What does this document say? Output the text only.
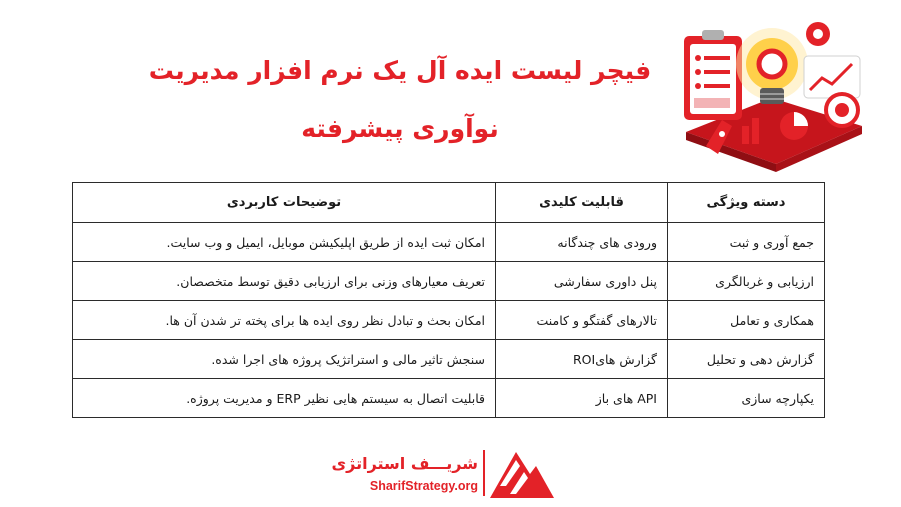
فیچر لیست ایده آل یک نرم افزار مدیریت
نوآوری پیشرفته
دسته ویژگی	قابلیت کلیدی	توضیحات کاربردی
جمع آوری و ثبت	ورودی های چندگانه	امکان ثبت ایده از طریق اپلیکیشن موبایل، ایمیل و وب سایت.
ارزیابی و غربالگری	پنل داوری سفارشی	تعریف معیارهای وزنی برای ارزیابی دقیق توسط متخصصان.
همکاری و تعامل	تالارهای گفتگو و کامنت	امکان بحث و تبادل نظر روی ایده ها برای پخته تر شدن آن ها.
گزارش دهی و تحلیل	گزارش هایROI	سنجش تاثیر مالی و استراتژیک پروژه های اجرا شده.
یکپارچه سازی	API های باز	قابلیت اتصال به سیستم هایی نظیر ERP و مدیریت پروژه.
شریـــف استراتژی
SharifStrategy.org
